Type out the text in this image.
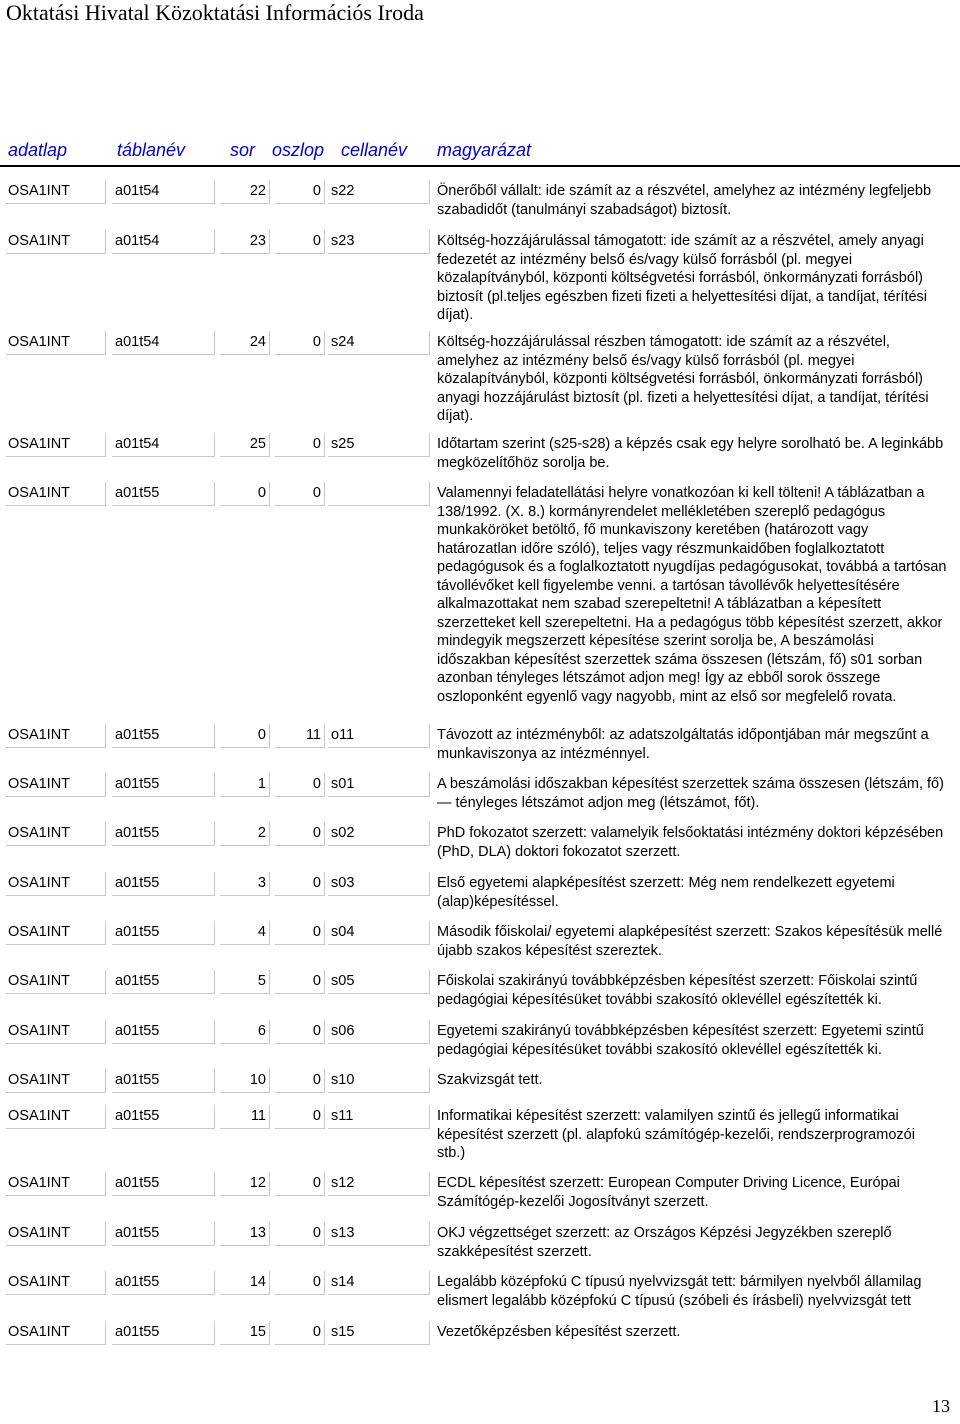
Oktatási Hivatal Közoktatási Információs Iroda
adatlap	táblanév sor oszlop cellanév magyarázat
OSA1INT	a01t54	22	0 s22	Önerőből vállalt: ide számít az a részvétel, amelyhez az intézmény legfeljebb szabadidőt (tanulmányi szabadságot) biztosít.
OSA1INT	a01t54	23	0 s23	Költség-hozzájárulással támogatott: ide számít az a részvétel, amely anyagi fedezetét az intézmény belső és/vagy külső forrásból (pl. megyei közalapítványból, központi költségvetési forrásból, önkormányzati forrásból) biztosít (pl.teljes egészben fizeti fizeti a helyettesítési díjat, a tandíjat, térítési díjat).
OSA1INT	a01t54	24	0 s24	Költség-hozzájárulással részben támogatott: ide számít az a részvétel, amelyhez az intézmény belső és/vagy külső forrásból (pl. megyei közalapítványból, központi költségvetési forrásból, önkormányzati forrásból) anyagi hozzájárulást biztosít (pl. fizeti a helyettesítési díjat, a tandíjat, térítési díjat).
OSA1INT	a01t54	25	0 s25	Időtartam szerint (s25-s28) a képzés csak egy helyre sorolható be. A leginkább megközelítőhöz sorolja be.
OSA1INT	a01t55	0	0	Valamennyi feladatellátási helyre vonatkozóan ki kell tölteni! A táblázatban a 138/1992. (X. 8.) kormányrendelet mellékletében szereplő pedagógus munkaköröket betöltő, fő munkaviszony keretében (határozott vagy határozatlan időre szóló), teljes vagy részmunkaidőben foglalkoztatott pedagógusok és a foglalkoztatott nyugdíjas pedagógusokat, továbbá a tartósan távollévőket kell figyelembe venni. a tartósan távollévők helyettesítésére alkalmazottakat nem szabad szerepeltetni! A táblázatban a képesített szerzetteket kell szerepeltetni. Ha a pedagógus több képesítést szerzett, akkor mindegyik megszerzett képesítése szerint sorolja be, A beszámolási időszakban képesítést szerzettek száma összesen (létszám, fő) s01 sorban azonban tényleges létszámot adjon meg! Így az ebből sorok összege oszloponként egyenlő vagy nagyobb, mint az első sor megfelelő rovata.
OSA1INT	a01t55	0	11 o11	Távozott az intézményből: az adatszolgáltatás időpontjában már megszűnt a munkaviszonya az intézménnyel.
OSA1INT	a01t55	1	0 s01	A beszámolási időszakban képesítést szerzettek száma összesen (létszám, fő) — tényleges létszámot adjon meg (létszámot, főt).
OSA1INT	a01t55	2	0 s02	PhD fokozatot szerzett: valamelyik felsőoktatási intézmény doktori képzésében (PhD, DLA) doktori fokozatot szerzett.
OSA1INT	a01t55	3	0 s03	Első egyetemi alapképesítést szerzett: Még nem rendelkezett egyetemi (alap)képesítéssel.
OSA1INT	a01t55	4	0 s04	Második főiskolai/ egyetemi alapképesítést szerzett: Szakos képesítésük mellé újabb szakos képesítést szereztek.
OSA1INT	a01t55	5	0 s05	Főiskolai szakirányú továbbképzésben képesítést szerzett: Főiskolai szintű pedagógiai képesítésüket további szakosító oklevéllel egészítették ki.
OSA1INT	a01t55	6	0 s06	Egyetemi szakirányú továbbképzésben képesítést szerzett: Egyetemi szintű pedagógiai képesítésüket további szakosító oklevéllel egészítették ki.
OSA1INT	a01t55	10	0 s10	Szakvizsgát tett.
OSA1INT	a01t55	11	0 s11	Informatikai képesítést szerzett: valamilyen szintű és jellegű informatikai képesítést szerzett (pl. alapfokú számítógép-kezelői, rendszerprogramozói stb.)
OSA1INT	a01t55	12	0 s12	ECDL képesítést szerzett: European Computer Driving Licence, Európai Számítógép-kezelői Jogosítványt szerzett.
OSA1INT	a01t55	13	0 s13	OKJ végzettséget szerzett: az Országos Képzési Jegyzékben szereplő szakképesítést szerzett.
OSA1INT	a01t55	14	0 s14	Legalább középfokú C típusú nyelvvizsgát tett: bármilyen nyelvből államilag elismert legalább középfokú C típusú (szóbeli és írásbeli) nyelvvizsgát tett
OSA1INT	a01t55	15	0 s15	Vezetőképzésben képesítést szerzett.
13
